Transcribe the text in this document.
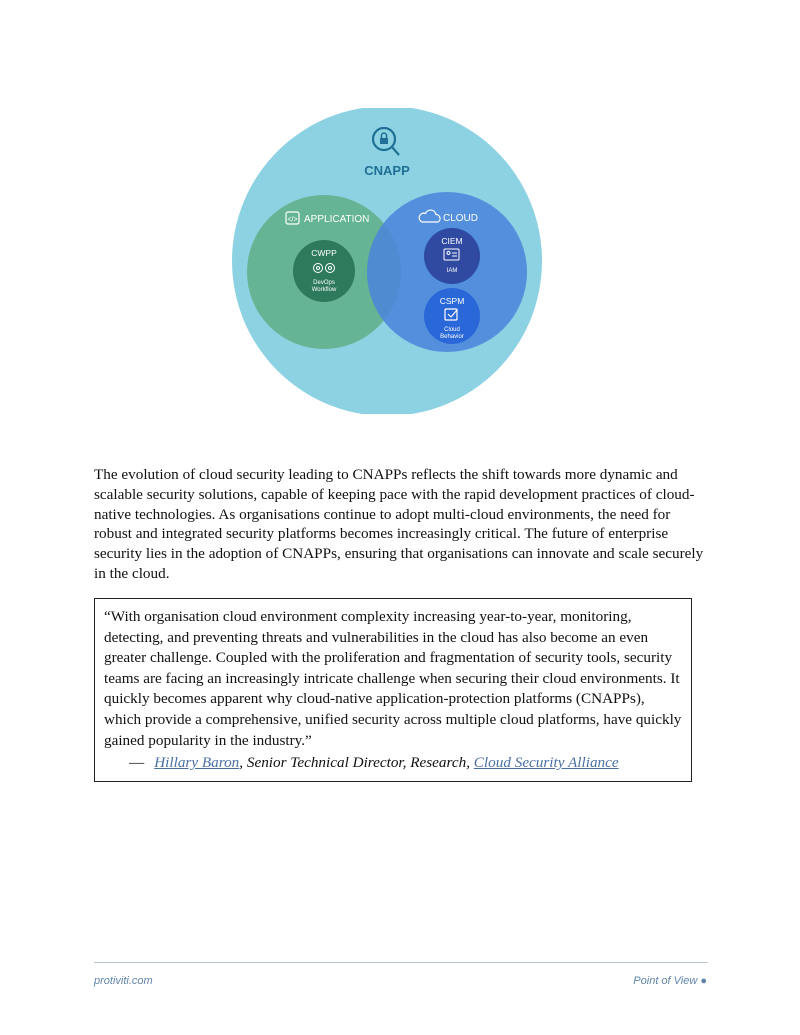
CNAPP
</> APPLICATION	CLOUD
CWPP
DevOps
Workflow
CIEM
IAM
CSPM
Cloud
Behavior

The evolution of cloud security leading to CNAPPs reflects the shift towards more dynamic and scalable security solutions, capable of keeping pace with the rapid development practices of cloud-native technologies. As organisations continue to adopt multi-cloud environments, the need for robust and integrated security platforms becomes increasingly critical. The future of enterprise security lies in the adoption of CNAPPs, ensuring that organisations can innovate and scale securely in the cloud.

“With organisation cloud environment complexity increasing year-to-year, monitoring, detecting, and preventing threats and vulnerabilities in the cloud has also become an even greater challenge. Coupled with the proliferation and fragmentation of security tools, security teams are facing an increasingly intricate challenge when securing their cloud environments. It quickly becomes apparent why cloud-native application-protection platforms (CNAPPs), which provide a comprehensive, unified security across multiple cloud platforms, have quickly gained popularity in the industry.”

— Hillary Baron, Senior Technical Director, Research, Cloud Security Alliance
protiviti.com	Point of View ●
